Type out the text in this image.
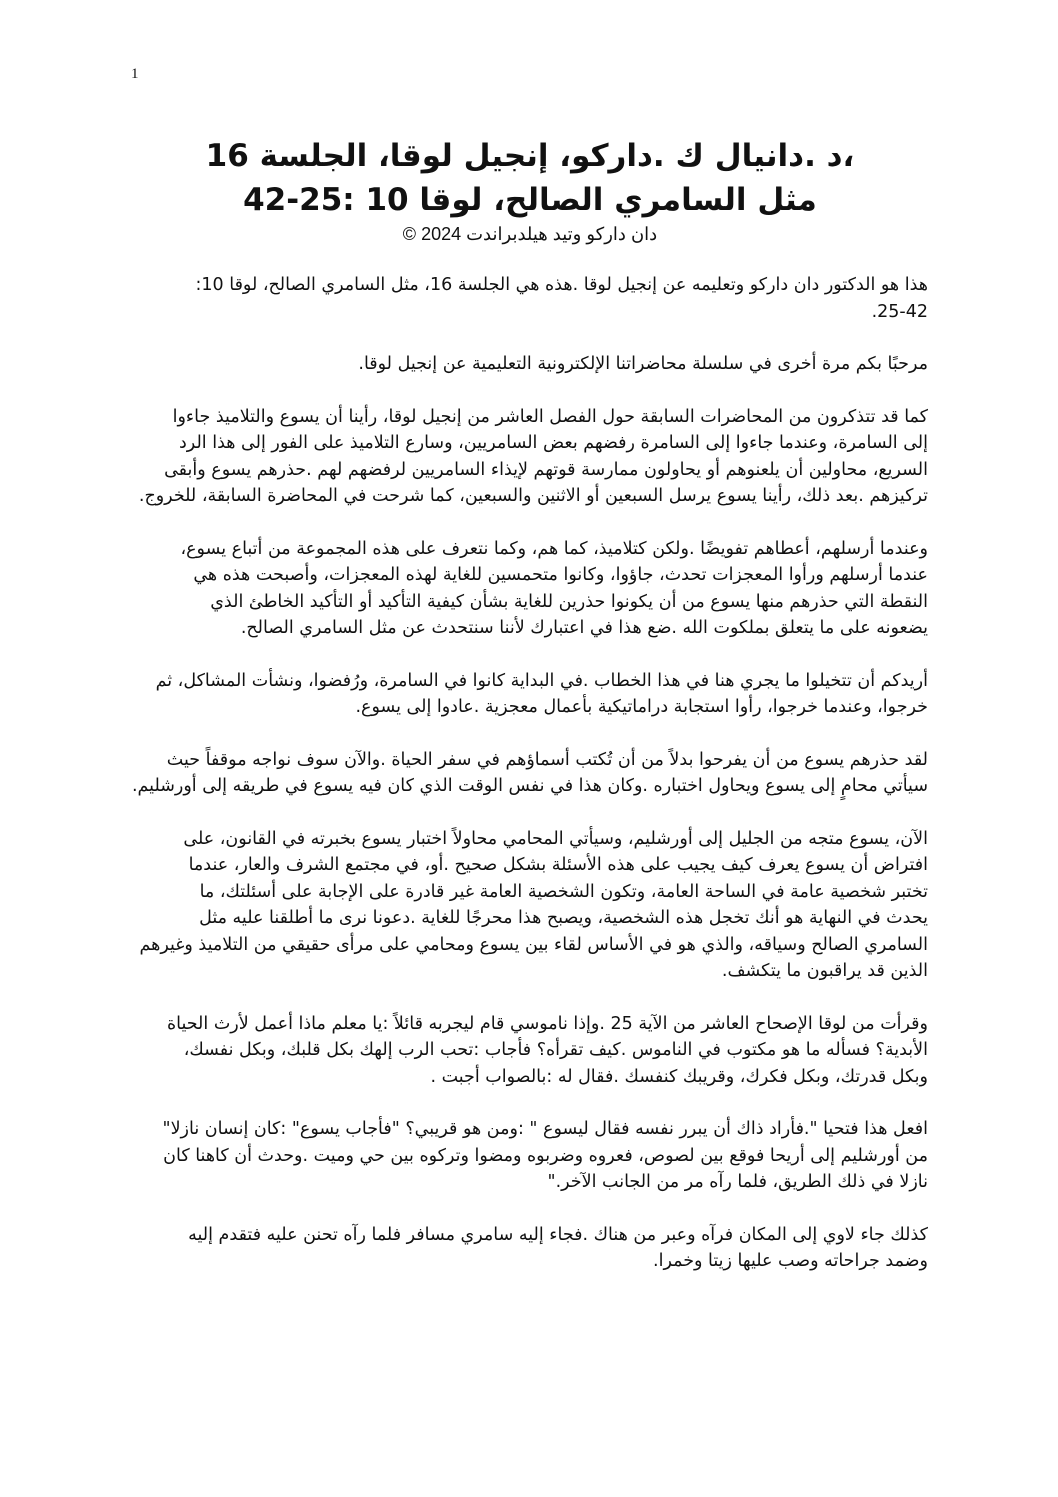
1
،د .دانيال ك .داركو، إنجيل لوقا، الجلسة 16
مثل السامري الصالح، لوقا 10 :25-42
دان داركو وتيد هيلدبراندت 2024 ©

هذا هو الدكتور دان داركو وتعليمه عن إنجيل لوقا .هذه هي الجلسة 16، مثل السامري الصالح، لوقا 10:
25-42.

مرحبًا بكم مرة أخرى في سلسلة محاضراتنا الإلكترونية التعليمية عن إنجيل لوقا.

كما قد تتذكرون من المحاضرات السابقة حول الفصل العاشر من إنجيل لوقا، رأينا أن يسوع والتلاميذ جاءوا
إلى السامرة، وعندما جاءوا إلى السامرة رفضهم بعض السامريين، وسارع التلاميذ على الفور إلى هذا الرد
السريع، محاولين أن يلعنوهم أو يحاولون ممارسة قوتهم لإيذاء السامريين لرفضهم لهم .حذرهم يسوع وأبقى
تركيزهم .بعد ذلك، رأينا يسوع يرسل السبعين أو الاثنين والسبعين، كما شرحت في المحاضرة السابقة، للخروج.

وعندما أرسلهم، أعطاهم تفويضًا .ولكن كتلاميذ، كما هم، وكما نتعرف على هذه المجموعة من أتباع يسوع،
عندما أرسلهم ورأوا المعجزات تحدث، جاؤوا، وكانوا متحمسين للغاية لهذه المعجزات، وأصبحت هذه هي
النقطة التي حذرهم منها يسوع من أن يكونوا حذرين للغاية بشأن كيفية التأكيد أو التأكيد الخاطئ الذي
يضعونه على ما يتعلق بملكوت الله .ضع هذا في اعتبارك لأننا سنتحدث عن مثل السامري الصالح.

أريدكم أن تتخيلوا ما يجري هنا في هذا الخطاب .في البداية كانوا في السامرة، ورُفضوا، ونشأت المشاكل، ثم
خرجوا، وعندما خرجوا، رأوا استجابة دراماتيكية بأعمال معجزية .عادوا إلى يسوع.

لقد حذرهم يسوع من أن يفرحوا بدلاً من أن تُكتب أسماؤهم في سفر الحياة .والآن سوف نواجه موقفاً حيث
سيأتي محامٍ إلى يسوع ويحاول اختباره .وكان هذا في نفس الوقت الذي كان فيه يسوع في طريقه إلى أورشليم.

الآن، يسوع متجه من الجليل إلى أورشليم، وسيأتي المحامي محاولاً اختبار يسوع بخبرته في القانون، على
افتراض أن يسوع يعرف كيف يجيب على هذه الأسئلة بشكل صحيح .أو، في مجتمع الشرف والعار، عندما
تختبر شخصية عامة في الساحة العامة، وتكون الشخصية العامة غير قادرة على الإجابة على أسئلتك، ما
يحدث في النهاية هو أنك تخجل هذه الشخصية، ويصبح هذا محرجًا للغاية .دعونا نرى ما أطلقنا عليه مثل
السامري الصالح وسياقه، والذي هو في الأساس لقاء بين يسوع ومحامي على مرأى حقيقي من التلاميذ وغيرهم
الذين قد يراقبون ما يتكشف.

وقرأت من لوقا الإصحاح العاشر من الآية 25 .وإذا ناموسي قام ليجربه قائلاً :يا معلم ماذا أعمل لأرث الحياة
الأبدية؟ فسأله ما هو مكتوب في الناموس .كيف تقرأه؟ فأجاب :تحب الرب إلهك بكل قلبك، وبكل نفسك،
وبكل قدرتك، وبكل فكرك، وقريبك كنفسك .فقال له :بالصواب أجبت .

افعل هذا فتحيا ".فأراد ذاك أن يبرر نفسه فقال ليسوع " :ومن هو قريبي؟ "فأجاب يسوع" :كان إنسان نازلا"
من أورشليم إلى أريحا فوقع بين لصوص، فعروه وضربوه ومضوا وتركوه بين حي وميت .وحدث أن كاهنا كان
نازلا في ذلك الطريق، فلما رآه مر من الجانب الآخر."

كذلك جاء لاوي إلى المكان فرآه وعبر من هناك .فجاء إليه سامري مسافر فلما رآه تحنن عليه فتقدم إليه
وضمد جراحاته وصب عليها زيتا وخمرا.
